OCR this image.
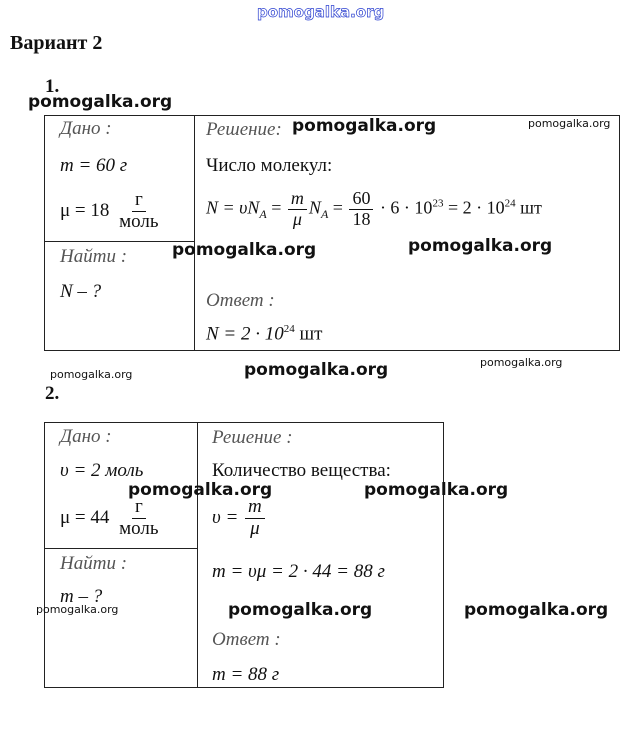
pomogalka.org
Вариант 2
1.
pomogalka.org
Дано :
m = 60 г
$\mu = 18 \frac{г}{\text{моль}}$
Найти :
N – ?
Решение:
Число молекул:
$N = \upsilon N_A = \frac{m}{\mu} N_A = \frac{60}{18} \cdot 6 \cdot 10^{23} = 2 \cdot 10^{24}$ шт
Ответ :
$N = 2 \cdot 10^{24}$ шт
pomogalka.org	pomogalka.org
pomogalka.org	pomogalka.org
pomogalka.org	pomogalka.org	pomogalka.org
2.
Дано :
υ = 2 моль
$\mu = 44 \frac{г}{\text{моль}}$
Найти :
m – ?
Решение :
Количество вещества:
$\upsilon = \frac{m}{\mu}$
m = υμ = 2 · 44 = 88 г
Ответ :
m = 88 г
pomogalka.org	pomogalka.org
pomogalka.org	pomogalka.org	pomogalka.org
